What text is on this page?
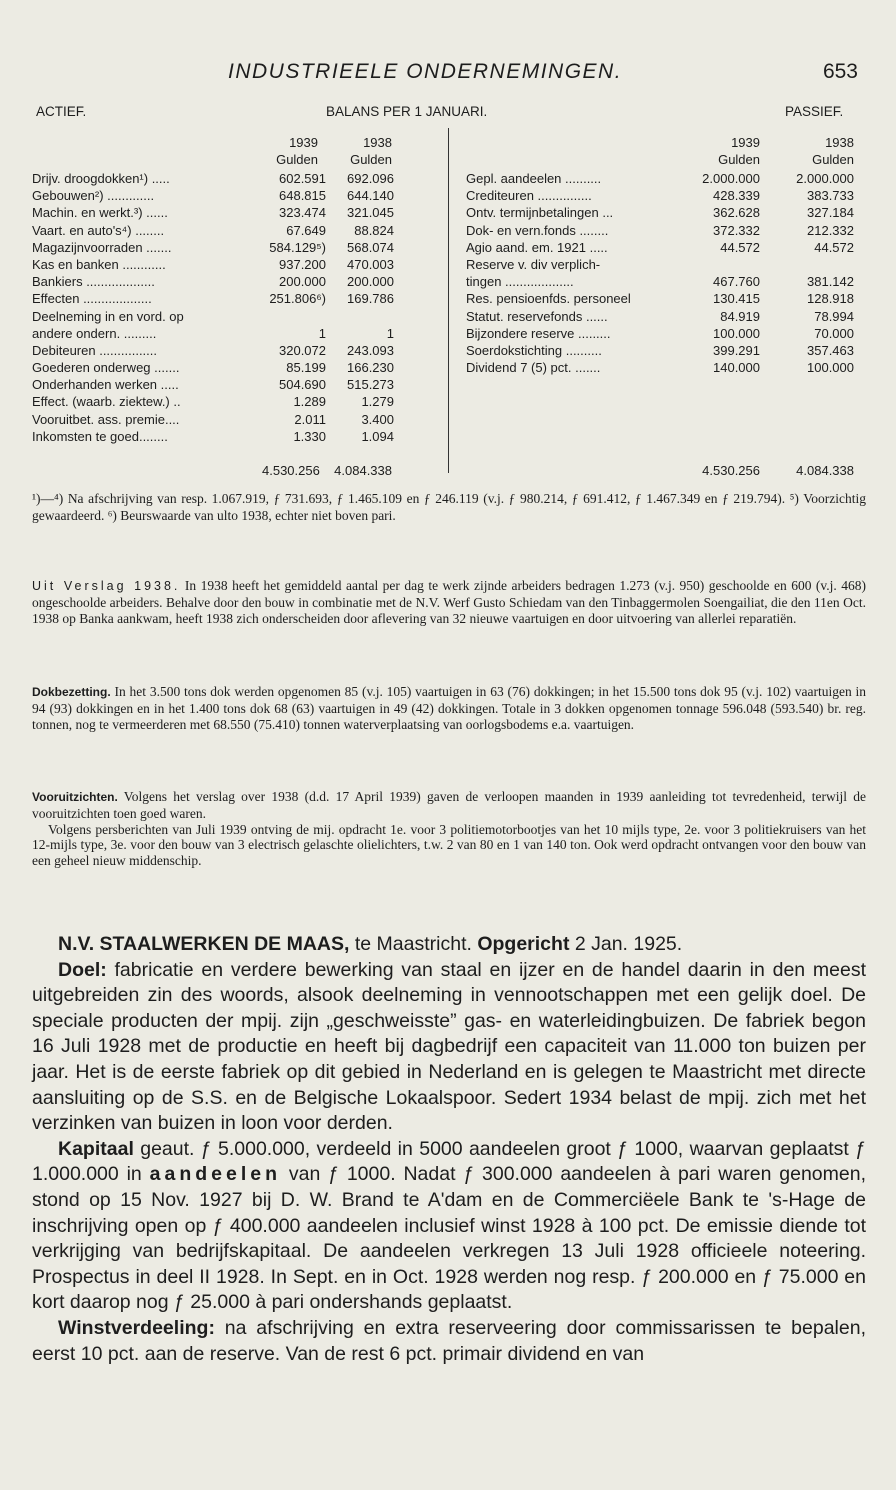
INDUSTRIEELE ONDERNEMINGEN.	653
ACTIEF.	BALANS PER 1 JANUARI.	PASSIEF.
1939
Gulden
1938
Gulden
1939
Gulden
1938
Gulden
Drijv. droogdokken¹) .....	602.591	692.096
Gebouwen²) .............	648.815	644.140
Machin. en werkt.³) ......	323.474	321.045
Vaart. en auto's⁴) ........	67.649	88.824
Magazijnvoorraden .......	584.129⁵)	568.074
Kas en banken ............	937.200	470.003
Bankiers ...................	200.000	200.000
Effecten ...................	251.806⁶)	169.786
Deelneming in en vord. op
andere ondern. .........	1	1
Debiteuren ................	320.072	243.093
Goederen onderweg .......	85.199	166.230
Onderhanden werken .....	504.690	515.273
Effect. (waarb. ziektew.) ..	1.289	1.279
Vooruitbet. ass. premie....	2.011	3.400
Inkomsten te goed........	1.330	1.094
Gepl. aandeelen ..........	2.000.000	2.000.000
Crediteuren ...............	428.339	383.733
Ontv. termijnbetalingen ...	362.628	327.184
Dok- en vern.fonds ........	372.332	212.332
Agio aand. em. 1921 .....	44.572	44.572
Reserve v. div verplich-
tingen ...................	467.760	381.142
Res. pensioenfds. personeel	130.415	128.918
Statut. reservefonds ......	84.919	78.994
Bijzondere reserve .........	100.000	70.000
Soerdokstichting ..........	399.291	357.463
Dividend 7 (5) pct. .......	140.000	100.000
4.530.256	4.084.338	4.530.256	4.084.338
¹)—⁴) Na afschrijving van resp. 1.067.919, ƒ 731.693, ƒ 1.465.109 en ƒ 246.119 (v.j. ƒ 980.214, ƒ 691.412, ƒ 1.467.349 en ƒ 219.794). ⁵) Voorzichtig gewaardeerd. ⁶) Beurswaarde van ulto 1938, echter niet boven pari.
Uit Verslag 1938. In 1938 heeft het gemiddeld aantal per dag te werk zijnde arbeiders bedragen 1.273 (v.j. 950) geschoolde en 600 (v.j. 468) ongeschoolde arbeiders. Behalve door den bouw in combinatie met de N.V. Werf Gusto Schiedam van den Tinbaggermolen Soengailiat, die den 11en Oct. 1938 op Banka aankwam, heeft 1938 zich onderscheiden door aflevering van 32 nieuwe vaartuigen en door uitvoering van allerlei reparatiën.
Dokbezetting. In het 3.500 tons dok werden opgenomen 85 (v.j. 105) vaartuigen in 63 (76) dokkingen; in het 15.500 tons dok 95 (v.j. 102) vaartuigen in 94 (93) dokkingen en in het 1.400 tons dok 68 (63) vaartuigen in 49 (42) dokkingen. Totale in 3 dokken opgenomen tonnage 596.048 (593.540) br. reg. tonnen, nog te vermeerderen met 68.550 (75.410) tonnen waterverplaatsing van oorlogsbodems e.a. vaartuigen.
Vooruitzichten. Volgens het verslag over 1938 (d.d. 17 April 1939) gaven de verloopen maanden in 1939 aanleiding tot tevredenheid, terwijl de vooruitzichten toen goed waren.
Volgens persberichten van Juli 1939 ontving de mij. opdracht 1e. voor 3 politiemotorbootjes van het 10 mijls type, 2e. voor 3 politiekruisers van het 12-mijls type, 3e. voor den bouw van 3 electrisch gelaschte olielichters, t.w. 2 van 80 en 1 van 140 ton. Ook werd opdracht ontvangen voor den bouw van een geheel nieuw middenschip.

N.V. STAALWERKEN DE MAAS, te Maastricht. Opgericht 2 Jan. 1925.

Doel: fabricatie en verdere bewerking van staal en ijzer en de handel daarin in den meest uitgebreiden zin des woords, alsook deelneming in vennootschappen met een gelijk doel. De speciale producten der mpij. zijn „geschweisste” gas- en waterleidingbuizen. De fabriek begon 16 Juli 1928 met de productie en heeft bij dagbedrijf een capaciteit van 11.000 ton buizen per jaar. Het is de eerste fabriek op dit gebied in Nederland en is gelegen te Maastricht met directe aansluiting op de S.S. en de Belgische Lokaalspoor. Sedert 1934 belast de mpij. zich met het verzinken van buizen in loon voor derden.

Kapitaal geaut. ƒ 5.000.000, verdeeld in 5000 aandeelen groot ƒ 1000, waarvan geplaatst ƒ 1.000.000 in aandeelen van ƒ 1000. Nadat ƒ 300.000 aandeelen à pari waren genomen, stond op 15 Nov. 1927 bij D. W. Brand te A'dam en de Commerciëele Bank te 's-Hage de inschrijving open op ƒ 400.000 aandeelen inclusief winst 1928 à 100 pct. De emissie diende tot verkrijging van bedrijfskapitaal. De aandeelen verkregen 13 Juli 1928 officieele noteering. Prospectus in deel II 1928. In Sept. en in Oct. 1928 werden nog resp. ƒ 200.000 en ƒ 75.000 en kort daarop nog ƒ 25.000 à pari ondershands geplaatst.

Winstverdeeling: na afschrijving en extra reserveering door commissarissen te bepalen, eerst 10 pct. aan de reserve. Van de rest 6 pct. primair dividend en van
